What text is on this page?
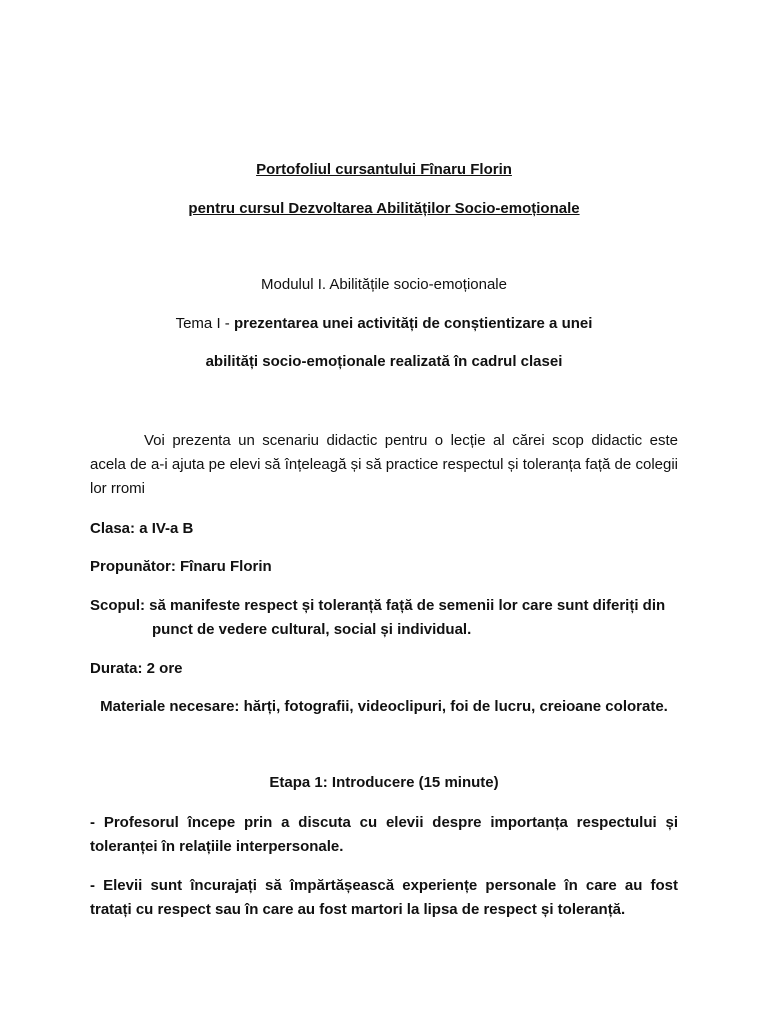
Portofoliul cursantului Fînaru Florin
pentru cursul Dezvoltarea Abilităților Socio-emoționale
Modulul I. Abilitățile socio-emoționale
Tema I - prezentarea unei activități de conștientizare a unei
abilități socio-emoționale realizată în cadrul clasei
Voi prezenta un scenariu didactic pentru o lecție al cărei scop didactic este acela de a-i ajuta pe elevi să înțeleagă și să practice respectul și toleranța față de colegii lor rromi
Clasa: a IV-a B
Propunător: Fînaru Florin
Scopul: să manifeste respect și toleranță față de semenii lor care sunt diferiți din
punct de vedere cultural, social și individual.
Durata: 2 ore
Materiale necesare: hărți, fotografii, videoclipuri, foi de lucru, creioane colorate.
Etapa 1: Introducere (15 minute)
- Profesorul începe prin a discuta cu elevii despre importanța respectului și toleranței în relațiile interpersonale.
- Elevii sunt încurajați să împărtășească experiențe personale în care au fost tratați cu respect sau în care au fost martori la lipsa de respect și toleranță.
